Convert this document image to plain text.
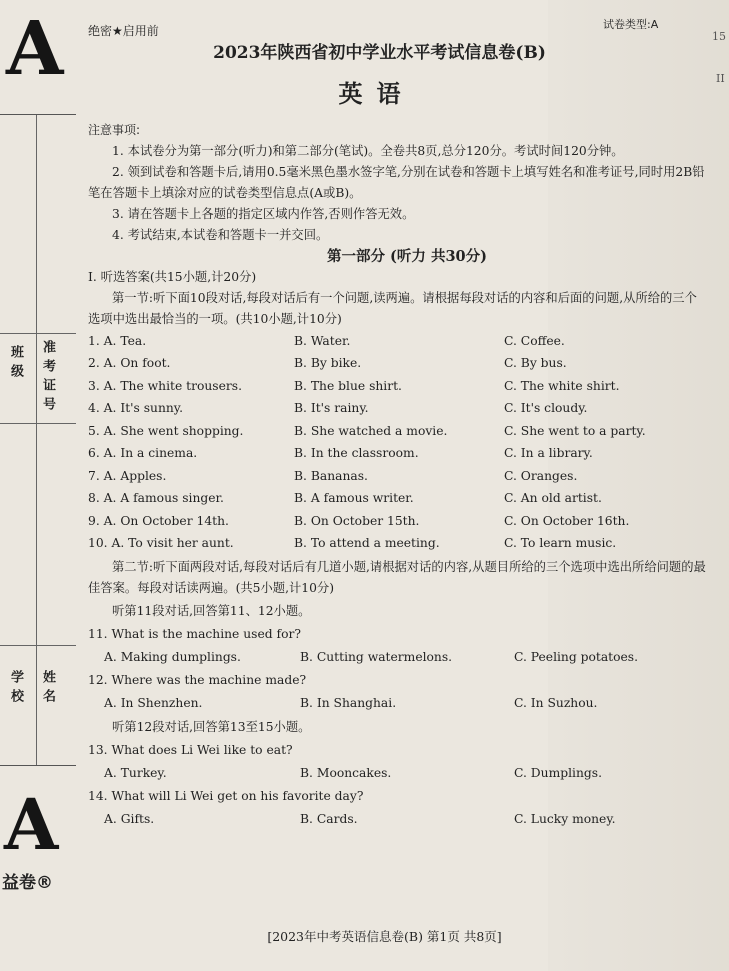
A
A
益卷®
绝密★启用前	试卷类型:A
15
II
2023年陕西省初中学业水平考试信息卷(B)
英语
班级 准考证号
学校 姓名

注意事项:

1. 本试卷分为第一部分(听力)和第二部分(笔试)。全卷共8页,总分120分。考试时间120分钟。

2. 领到试卷和答题卡后,请用0.5毫米黑色墨水签字笔,分别在试卷和答题卡上填写姓名和准考证号,同时用2B铅笔在答题卡上填涂对应的试卷类型信息点(A或B)。

3. 请在答题卡上各题的指定区域内作答,否则作答无效。

4. 考试结束,本试卷和答题卡一并交回。

第一部分 (听力 共30分)

Ⅰ. 听选答案(共15小题,计20分)

第一节:听下面10段对话,每段对话后有一个问题,读两遍。请根据每段对话的内容和后面的问题,从所给的三个选项中选出最恰当的一项。(共10小题,计10分)

1. A. Tea.	B. Water.	C. Coffee.
2. A. On foot.	B. By bike.	C. By bus.
3. A. The white trousers.	B. The blue shirt.	C. The white shirt.
4. A. It's sunny.	B. It's rainy.	C. It's cloudy.
5. A. She went shopping.	B. She watched a movie.	C. She went to a party.
6. A. In a cinema.	B. In the classroom.	C. In a library.
7. A. Apples.	B. Bananas.	C. Oranges.
8. A. A famous singer.	B. A famous writer.	C. An old artist.
9. A. On October 14th.	B. On October 15th.	C. On October 16th.
10. A. To visit her aunt.	B. To attend a meeting.	C. To learn music.

第二节:听下面两段对话,每段对话后有几道小题,请根据对话的内容,从题目所给的三个选项中选出所给问题的最佳答案。每段对话读两遍。(共5小题,计10分)

听第11段对话,回答第11、12小题。
11. What is the machine used for?
A. Making dumplings.	B. Cutting watermelons.	C. Peeling potatoes.
12. Where was the machine made?
A. In Shenzhen.	B. In Shanghai.	C. In Suzhou.
听第12段对话,回答第13至15小题。
13. What does Li Wei like to eat?
A. Turkey.	B. Mooncakes.	C. Dumplings.
14. What will Li Wei get on his favorite day?
A. Gifts.	B. Cards.	C. Lucky money.
[2023年中考英语信息卷(B) 第1页 共8页]
